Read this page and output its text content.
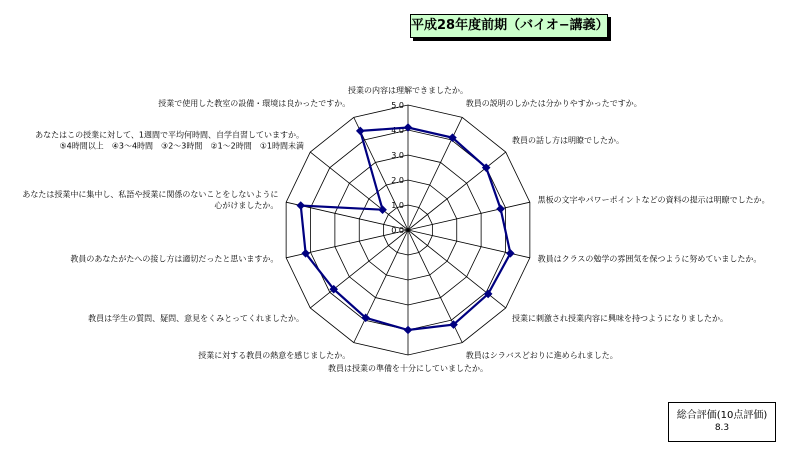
平成28年度前期（バイオ−講義）
0.0
1.0
2.0
3.0
4.0
5.0
授業の内容は理解できましたか。
教員の説明のしかたは分かりやすかったですか。
教員の話し方は明瞭でしたか。
黒板の文字やパワーポイントなどの資料の提示は明瞭でしたか。
教員はクラスの勉学の雰囲気を保つように努めていましたか。
授業に刺激され授業内容に興味を持つようになりましたか。
教員はシラバスどおりに進められました。
教員は授業の準備を十分にしていましたか。
授業に対する教員の熱意を感じましたか。
教員は学生の質問、疑問、意見をくみとってくれましたか。
教員のあなたがたへの接し方は適切だったと思いますか。
あなたは授業中に集中し、私語や授業に関係のないことをしないように心がけましたか。
あなたはこの授業に対して、1週間で平均何時間、自学自習していますか。 ⑤4時間以上　④3〜4時間　③2〜3時間　②1〜2時間　①1時間未満
授業で使用した教室の設備・環境は良かったですか。
総合評価(10点評価)
8.3
